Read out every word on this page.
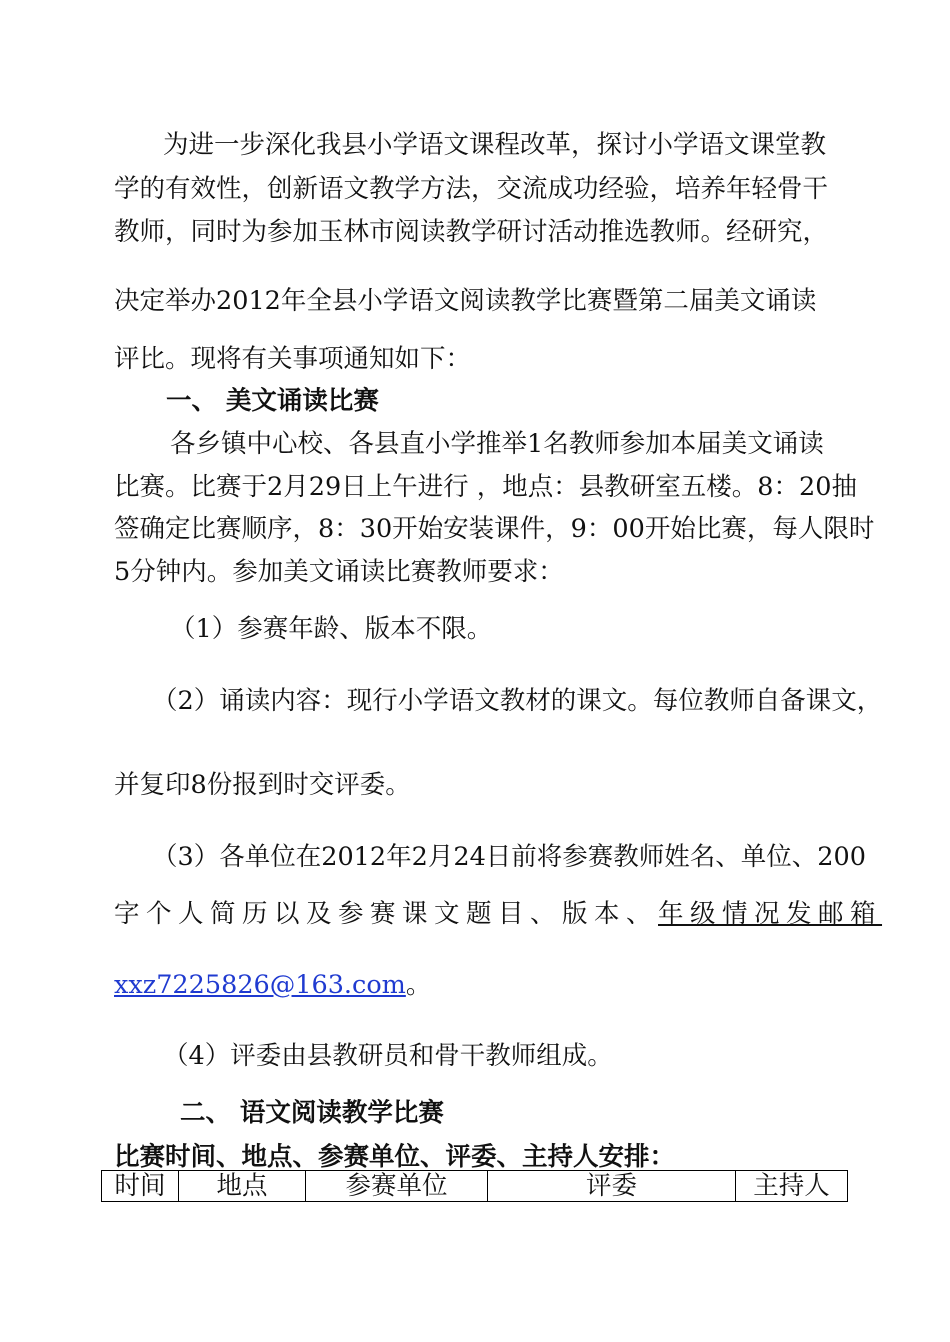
为进一步深化我县小学语文课程改革，探讨小学语文课堂教
学的有效性，创新语文教学方法，交流成功经验，培养年轻骨干
教师，同时为参加玉林市阅读教学研讨活动推选教师。经研究，
决定举办2012年全县小学语文阅读教学比赛暨第二届美文诵读
评比。现将有关事项通知如下：
一、 美文诵读比赛
各乡镇中心校、各县直小学推举1名教师参加本届美文诵读
比赛。比赛于2月29日上午进行 ，地点：县教研室五楼。8：20抽
签确定比赛顺序，8：30开始安装课件，9：00开始比赛，每人限时
5分钟内。参加美文诵读比赛教师要求：
（1）参赛年龄、版本不限。
（2）诵读内容：现行小学语文教材的课文。每位教师自备课文，
并复印8份报到时交评委。
（3）各单位在2012年2月24日前将参赛教师姓名、单位、200
字个人简历以及参赛课文题目、版本、年级情况发邮箱
xxz7225826@163.com。
（4）评委由县教研员和骨干教师组成。
二、 语文阅读教学比赛
比赛时间、地点、参赛单位、评委、主持人安排：
时间	地点	参赛单位	评委	主持人
